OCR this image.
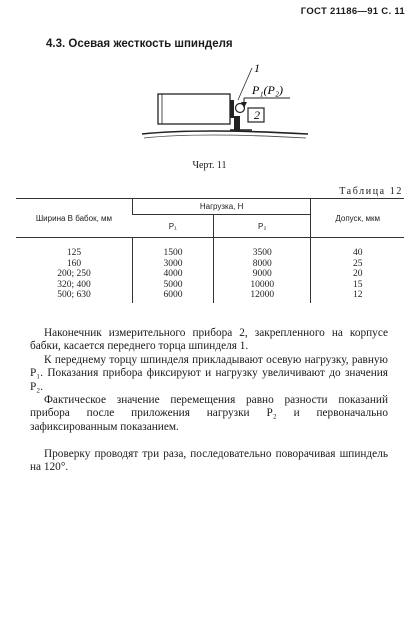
ГОСТ 21186—91 С. 11
4.3. Осевая жесткость шпинделя
1
P₁(P₂)
2
Черт. 11
Таблица 12
Ширина B бабок, мм	Нагрузка, Н		Допуск, мкм
	P₁	P₂	
125	1500	3500	40
160	3000	8000	25
200; 250	4000	9000	20
320; 400	5000	10000	15
500; 630	6000	12000	12

Наконечник измерительного прибора 2, закрепленного на корпусе бабки, касается переднего торца шпинделя 1.

К переднему торцу шпинделя прикладывают осевую нагрузку, равную P₁. Показания прибора фиксируют и нагрузку увеличивают до значения P₂.

Фактическое значение перемещения равно разности показаний прибора после приложения нагрузки P₂ и первоначально зафиксированным показанием.

Проверку проводят три раза, последовательно поворачивая шпиндель на 120°.
